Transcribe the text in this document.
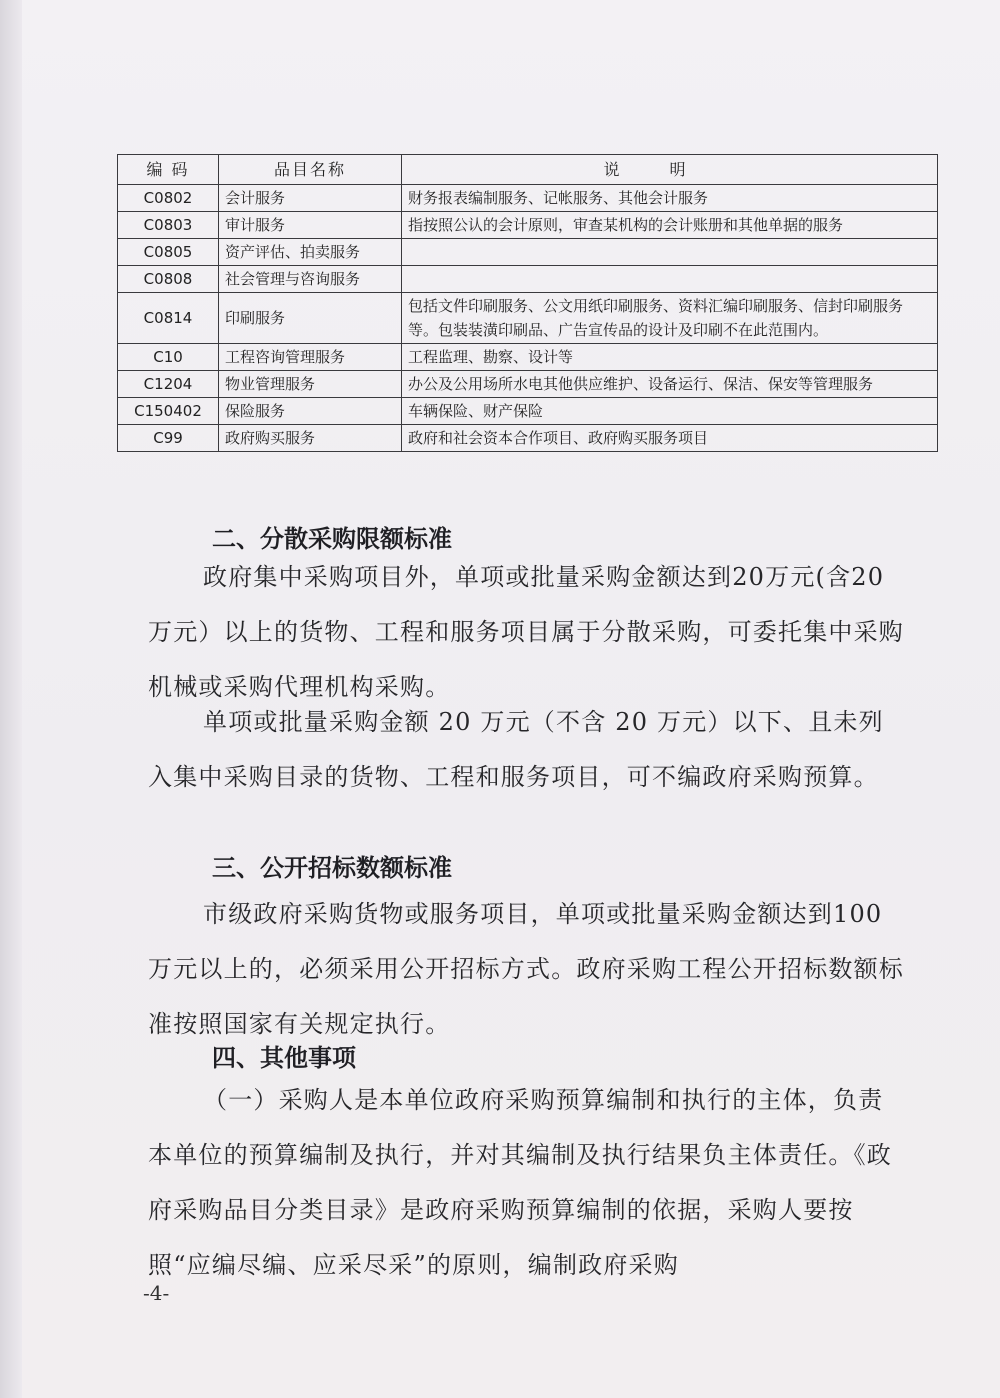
编 码	品目名称	说明
C0802	会计服务	财务报表编制服务、记帐服务、其他会计服务
C0803	审计服务	指按照公认的会计原则，审查某机构的会计账册和其他单据的服务
C0805	资产评估、拍卖服务	
C0808	社会管理与咨询服务	
C0814	印刷服务	包括文件印刷服务、公文用纸印刷服务、资料汇编印刷服务、信封印刷服务等。包装装潢印刷品、广告宣传品的设计及印刷不在此范围内。
C10	工程咨询管理服务	工程监理、勘察、设计等
C1204	物业管理服务	办公及公用场所水电其他供应维护、设备运行、保洁、保安等管理服务
C150402	保险服务	车辆保险、财产保险
C99	政府购买服务	政府和社会资本合作项目、政府购买服务项目
二、分散采购限额标准
政府集中采购项目外，单项或批量采购金额达到20万元(含20万元）以上的货物、工程和服务项目属于分散采购，可委托集中采购机械或采购代理机构采购。
单项或批量采购金额 20 万元（不含 20 万元）以下、且未列入集中采购目录的货物、工程和服务项目，可不编政府采购预算。
三、公开招标数额标准
市级政府采购货物或服务项目，单项或批量采购金额达到100万元以上的，必须采用公开招标方式。政府采购工程公开招标数额标准按照国家有关规定执行。
四、其他事项
（一）采购人是本单位政府采购预算编制和执行的主体，负责本单位的预算编制及执行，并对其编制及执行结果负主体责任。《政府采购品目分类目录》是政府采购预算编制的依据，采购人要按照“应编尽编、应采尽采”的原则，编制政府采购
-4-
